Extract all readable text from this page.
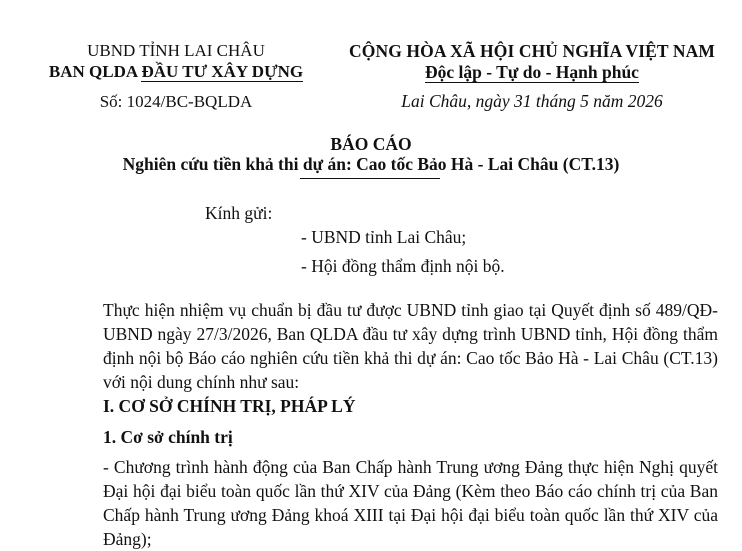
UBND TỈNH LAI CHÂU
BAN QLDA ĐẦU TƯ XÂY DỰNG
Số: 1024/BC-BQLDA
CỘNG HÒA XÃ HỘI CHỦ NGHĨA VIỆT NAM
Độc lập - Tự do - Hạnh phúc
Lai Châu, ngày 31 tháng 5 năm 2026
BÁO CÁO
Nghiên cứu tiền khả thi dự án: Cao tốc Bảo Hà - Lai Châu (CT.13)
Kính gửi:
- UBND tỉnh Lai Châu;
- Hội đồng thẩm định nội bộ.
Thực hiện nhiệm vụ chuẩn bị đầu tư được UBND tỉnh giao tại Quyết định số 489/QĐ-UBND ngày 27/3/2026, Ban QLDA đầu tư xây dựng trình UBND tỉnh, Hội đồng thẩm định nội bộ Báo cáo nghiên cứu tiền khả thi dự án: Cao tốc Bảo Hà - Lai Châu (CT.13) với nội dung chính như sau:
I. CƠ SỞ CHÍNH TRỊ, PHÁP LÝ
1. Cơ sở chính trị
- Chương trình hành động của Ban Chấp hành Trung ương Đảng thực hiện Nghị quyết Đại hội đại biểu toàn quốc lần thứ XIV của Đảng (Kèm theo Báo cáo chính trị của Ban Chấp hành Trung ương Đảng khoá XIII tại Đại hội đại biểu toàn quốc lần thứ XIV của Đảng);
